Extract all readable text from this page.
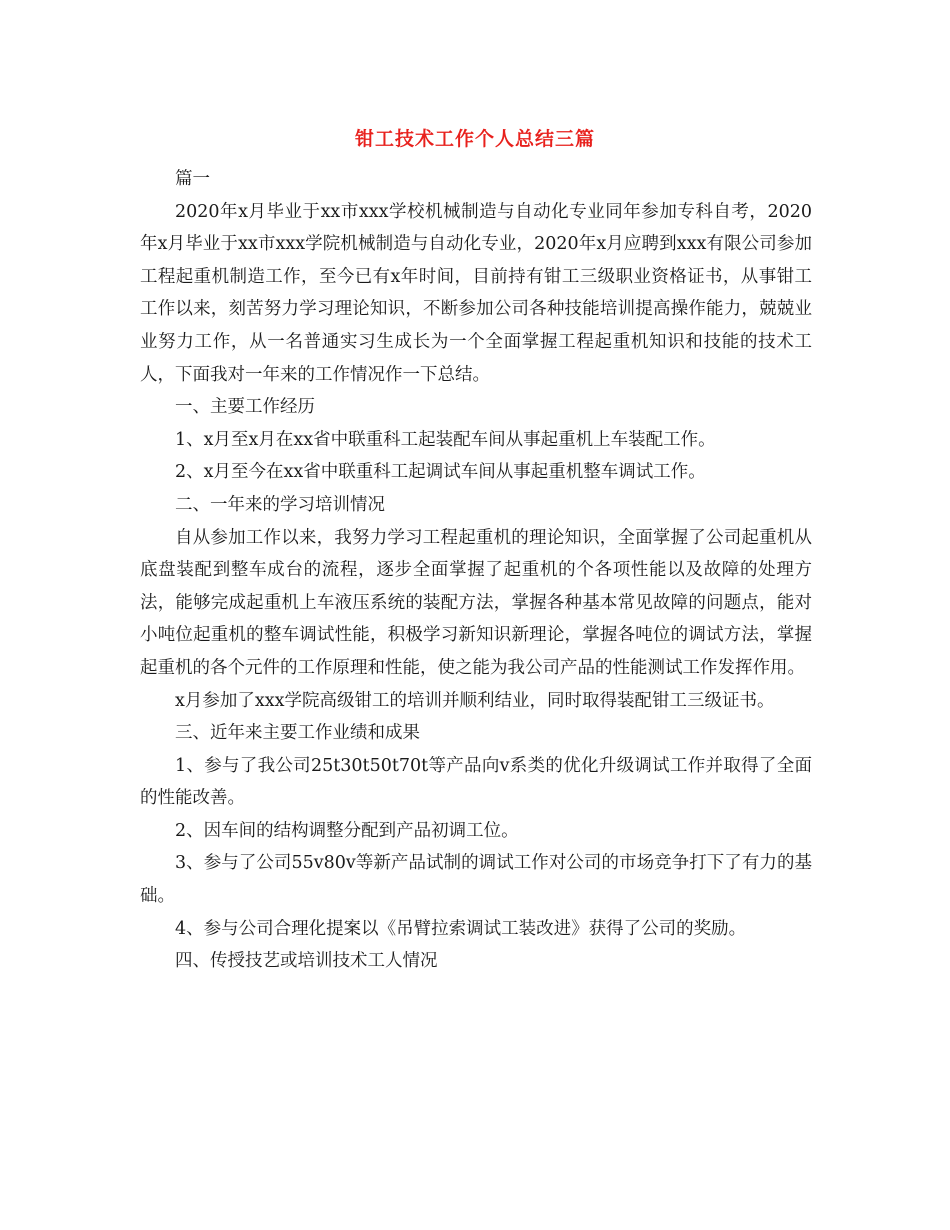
钳工技术工作个人总结三篇

篇一

2020年x月毕业于xx市xxx学校机械制造与自动化专业同年参加专科自考，2020年x月毕业于xx市xxx学院机械制造与自动化专业，2020年x月应聘到xxx有限公司参加工程起重机制造工作，至今已有x年时间，目前持有钳工三级职业资格证书，从事钳工工作以来，刻苦努力学习理论知识，不断参加公司各种技能培训提高操作能力，兢兢业业努力工作，从一名普通实习生成长为一个全面掌握工程起重机知识和技能的技术工人，下面我对一年来的工作情况作一下总结。

一、主要工作经历

1、x月至x月在xx省中联重科工起装配车间从事起重机上车装配工作。

2、x月至今在xx省中联重科工起调试车间从事起重机整车调试工作。

二、一年来的学习培训情况

自从参加工作以来，我努力学习工程起重机的理论知识，全面掌握了公司起重机从底盘装配到整车成台的流程，逐步全面掌握了起重机的个各项性能以及故障的处理方法，能够完成起重机上车液压系统的装配方法，掌握各种基本常见故障的问题点，能对小吨位起重机的整车调试性能，积极学习新知识新理论，掌握各吨位的调试方法，掌握起重机的各个元件的工作原理和性能，使之能为我公司产品的性能测试工作发挥作用。

x月参加了xxx学院高级钳工的培训并顺利结业，同时取得装配钳工三级证书。

三、近年来主要工作业绩和成果

1、参与了我公司25t30t50t70t等产品向v系类的优化升级调试工作并取得了全面的性能改善。

2、因车间的结构调整分配到产品初调工位。

3、参与了公司55v80v等新产品试制的调试工作对公司的市场竞争打下了有力的基础。

4、参与公司合理化提案以《吊臂拉索调试工装改进》获得了公司的奖励。

四、传授技艺或培训技术工人情况
